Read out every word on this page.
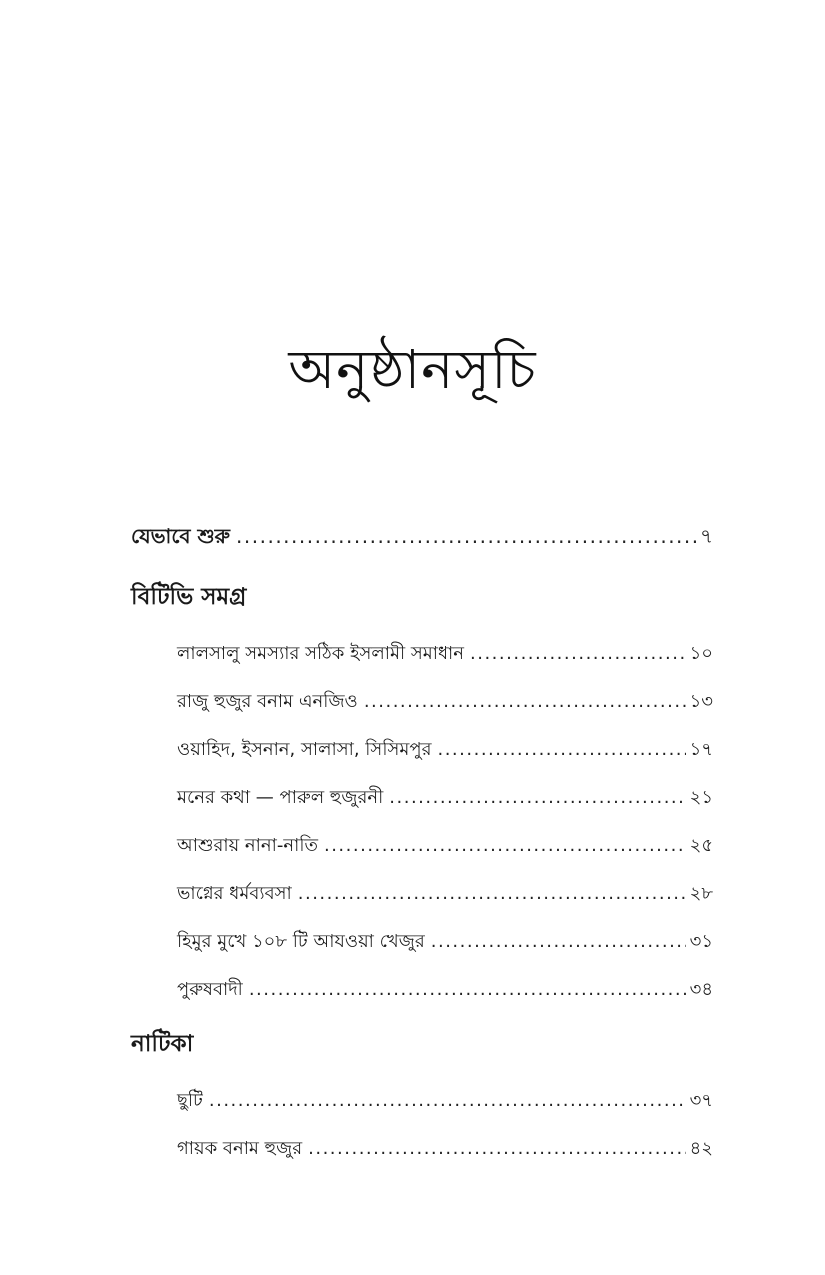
অনুষ্ঠানসূচি
যেভাবে শুরু .....	৭
বিটিভি সমগ্র
লালসালু সমস্যার সঠিক ইসলামী সমাধান .....	১০
রাজু হুজুর বনাম এনজিও .....	১৩
ওয়াহিদ, ইসনান, সালাসা, সিসিমপুর .....	১৭
মনের কথা — পারুল হুজুরনী .....	২১
আশুরায় নানা-নাতি .....	২৫
ভাগ্নের ধর্মব্যবসা .....	২৮
হিমুর মুখে ১০৮ টি আযওয়া খেজুর .....	৩১
পুরুষবাদী .....	৩৪
নাটিকা
ছুটি .....	৩৭
গায়ক বনাম হুজুর .....	৪২
